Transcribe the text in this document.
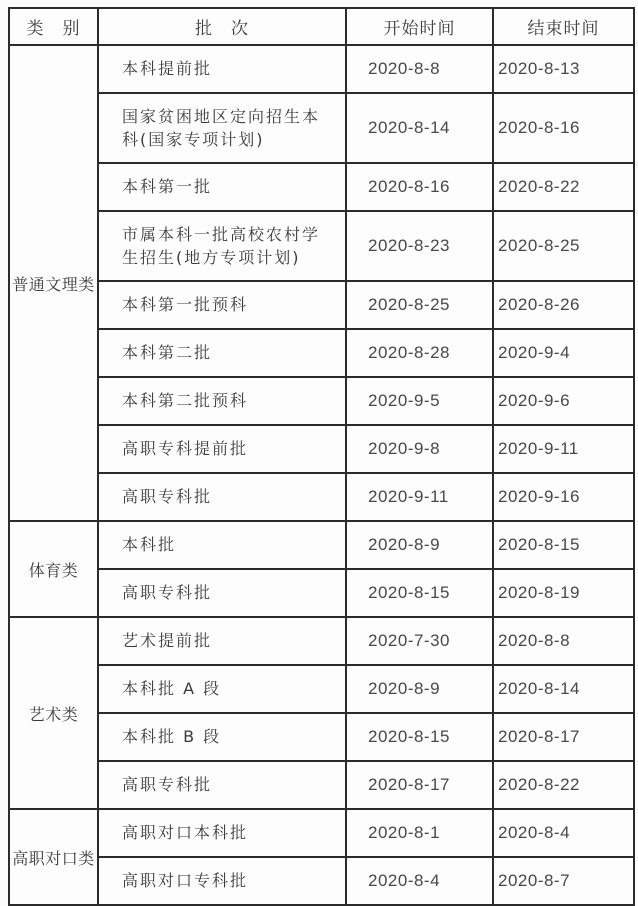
类　别	批　次	开始时间	结束时间
普通文理类	本科提前批	2020-8-8	2020-8-13
	国家贫困地区定向招生本科(国家专项计划)	2020-8-14	2020-8-16
	本科第一批	2020-8-16	2020-8-22
	市属本科一批高校农村学生招生(地方专项计划)	2020-8-23	2020-8-25
	本科第一批预科	2020-8-25	2020-8-26
	本科第二批	2020-8-28	2020-9-4
	本科第二批预科	2020-9-5	2020-9-6
	高职专科提前批	2020-9-8	2020-9-11
	高职专科批	2020-9-11	2020-9-16
体育类	本科批	2020-8-9	2020-8-15
	高职专科批	2020-8-15	2020-8-19
艺术类	艺术提前批	2020-7-30	2020-8-8
	本科批 A 段	2020-8-9	2020-8-14
	本科批 B 段	2020-8-15	2020-8-17
	高职专科批	2020-8-17	2020-8-22
高职对口类	高职对口本科批	2020-8-1	2020-8-4
	高职对口专科批	2020-8-4	2020-8-7
